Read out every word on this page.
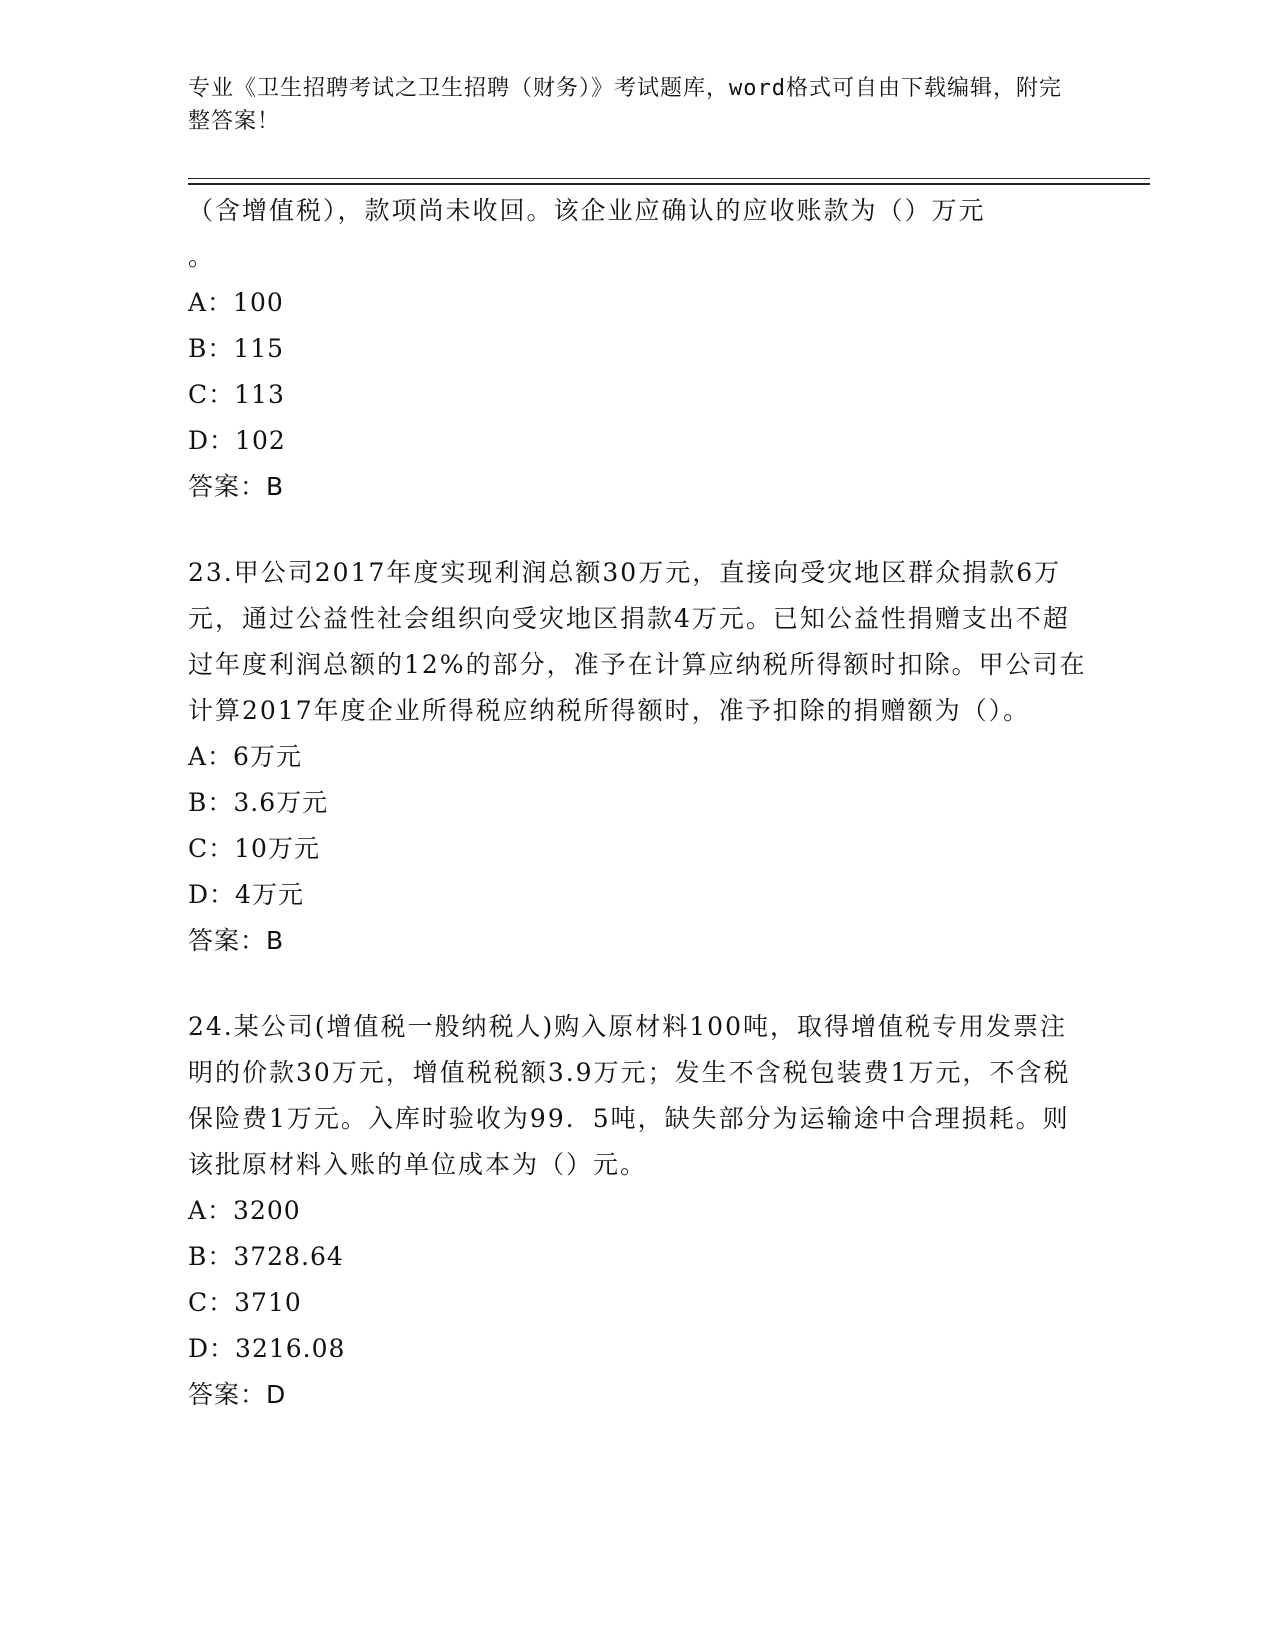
专业《卫生招聘考试之卫生招聘（财务）》考试题库，word格式可自由下载编辑，附完整答案！
（含增值税），款项尚未收回。该企业应确认的应收账款为（）万元
。
A：100
B：115
C：113
D：102
答案：B
23.甲公司2017年度实现利润总额30万元，直接向受灾地区群众捐款6万元，通过公益性社会组织向受灾地区捐款4万元。已知公益性捐赠支出不超过年度利润总额的12%的部分，准予在计算应纳税所得额时扣除。甲公司在计算2017年度企业所得税应纳税所得额时，准予扣除的捐赠额为（）。
A：6万元
B：3.6万元
C：10万元
D：4万元
答案：B
24.某公司(增值税一般纳税人)购入原材料100吨，取得增值税专用发票注明的价款30万元，增值税税额3.9万元；发生不含税包装费1万元，不含税保险费1万元。入库时验收为99．5吨，缺失部分为运输途中合理损耗。则该批原材料入账的单位成本为（）元。
A：3200
B：3728.64
C：3710
D：3216.08
答案：D
